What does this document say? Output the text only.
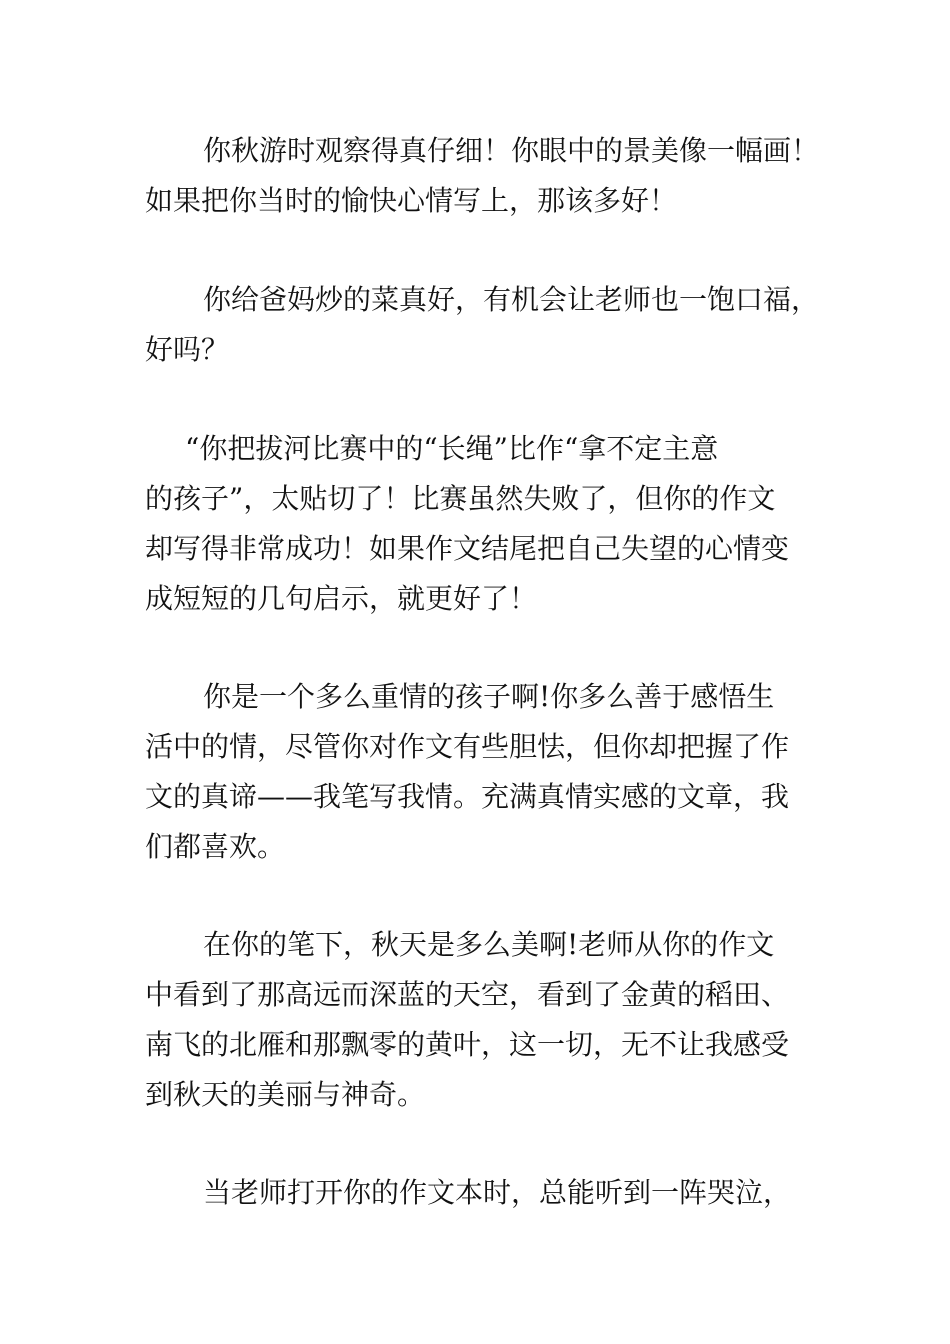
你秋游时观察得真仔细！你眼中的景美像一幅画！
如果把你当时的愉快心情写上，那该多好！

你给爸妈炒的菜真好，有机会让老师也一饱口福，
好吗？

“你把拔河比赛中的“长绳”比作“拿不定主意
的孩子”，太贴切了！比赛虽然失败了，但你的作文
却写得非常成功！如果作文结尾把自己失望的心情变
成短短的几句启示，就更好了！

你是一个多么重情的孩子啊!你多么善于感悟生
活中的情，尽管你对作文有些胆怯，但你却把握了作
文的真谛——我笔写我情。充满真情实感的文章，我
们都喜欢。

在你的笔下，秋天是多么美啊!老师从你的作文
中看到了那高远而深蓝的天空，看到了金黄的稻田、
南飞的北雁和那飘零的黄叶，这一切，无不让我感受
到秋天的美丽与神奇。

当老师打开你的作文本时，总能听到一阵哭泣，
